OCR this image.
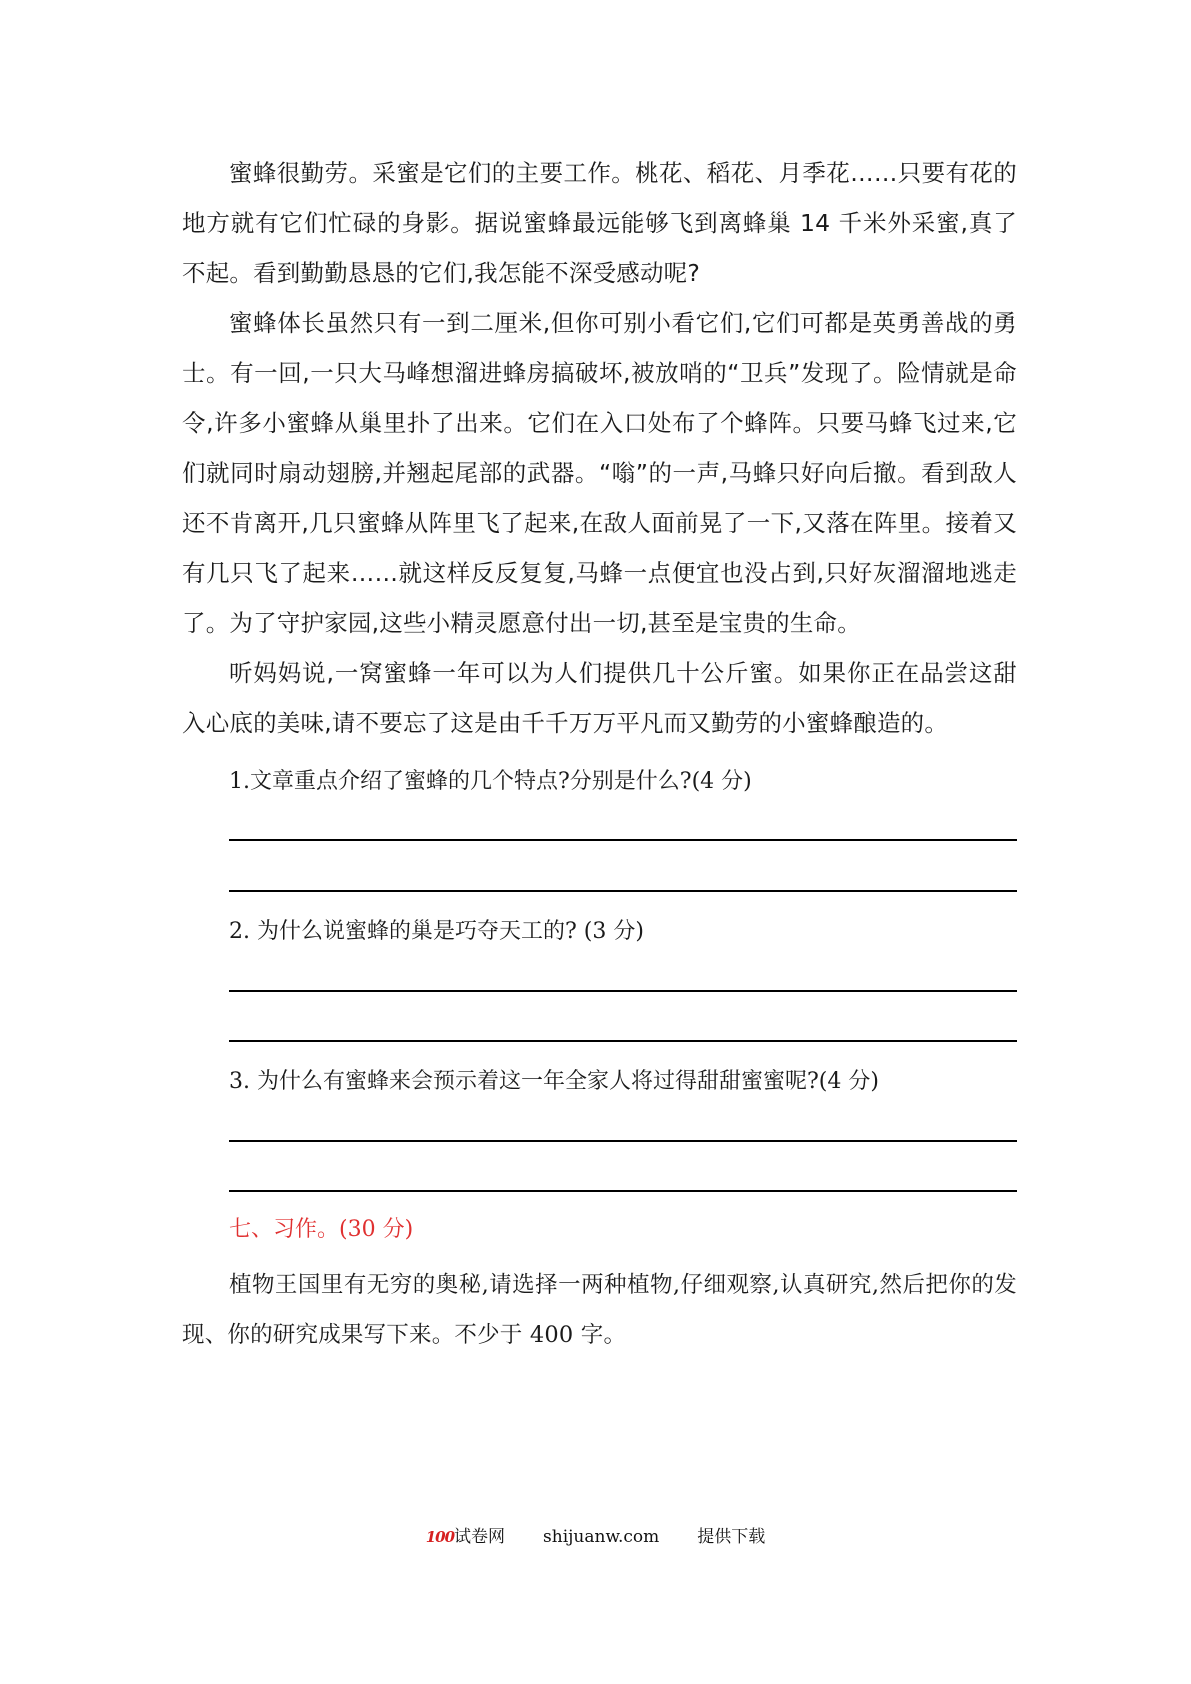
蜜蜂很勤劳。采蜜是它们的主要工作。桃花、稻花、月季花……只要有花的地方就有它们忙碌的身影。据说蜜蜂最远能够飞到离蜂巢 14 千米外采蜜,真了不起。看到勤勤恳恳的它们,我怎能不深受感动呢?

蜜蜂体长虽然只有一到二厘米,但你可别小看它们,它们可都是英勇善战的勇士。有一回,一只大马峰想溜进蜂房搞破坏,被放哨的“卫兵”发现了。险情就是命令,许多小蜜蜂从巢里扑了出来。它们在入口处布了个蜂阵。只要马蜂飞过来,它们就同时扇动翅膀,并翘起尾部的武器。“嗡”的一声,马蜂只好向后撤。看到敌人还不肯离开,几只蜜蜂从阵里飞了起来,在敌人面前晃了一下,又落在阵里。接着又有几只飞了起来……就这样反反复复,马蜂一点便宜也没占到,只好灰溜溜地逃走了。为了守护家园,这些小精灵愿意付出一切,甚至是宝贵的生命。

听妈妈说,一窝蜜蜂一年可以为人们提供几十公斤蜜。如果你正在品尝这甜入心底的美味,请不要忘了这是由千千万万平凡而又勤劳的小蜜蜂酿造的。

1.文章重点介绍了蜜蜂的几个特点?分别是什么?(4 分)
2. 为什么说蜜蜂的巢是巧夺天工的? (3 分)
3. 为什么有蜜蜂来会预示着这一年全家人将过得甜甜蜜蜜呢?(4 分)
七、习作。(30 分)

植物王国里有无穷的奥秘,请选择一两种植物,仔细观察,认真研究,然后把你的发现、你的研究成果写下来。不少于 400 字。

100试卷网 shijuanw.com 提供下载
